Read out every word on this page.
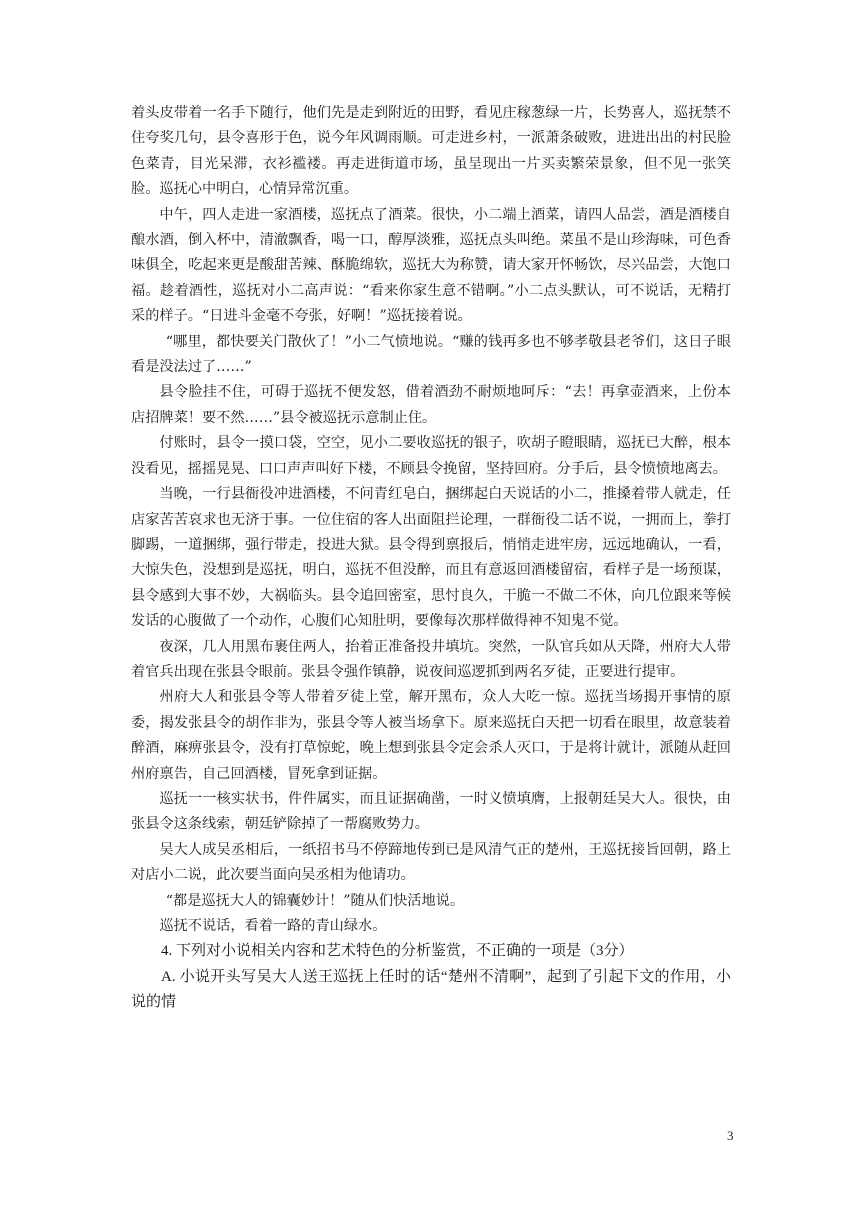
着头皮带着一名手下随行，他们先是走到附近的田野，看见庄稼葱绿一片，长势喜人，巡抚禁不住夸奖几句，县令喜形于色，说今年风调雨顺。可走进乡村，一派萧条破败，进进出出的村民脸色菜青，目光呆滞，衣衫褴褛。再走进街道市场，虽呈现出一片买卖繁荣景象，但不见一张笑脸。巡抚心中明白，心情异常沉重。

中午，四人走进一家酒楼，巡抚点了酒菜。很快，小二端上酒菜，请四人品尝，酒是酒楼自酿水酒，倒入杯中，清澈飘香，喝一口，醇厚淡雅，巡抚点头叫绝。菜虽不是山珍海味，可色香味俱全，吃起来更是酸甜苦辣、酥脆绵软，巡抚大为称赞，请大家开怀畅饮，尽兴品尝，大饱口福。趁着酒性，巡抚对小二高声说：“看来你家生意不错啊。”小二点头默认，可不说话，无精打采的样子。“日进斗金毫不夸张，好啊！”巡抚接着说。

“哪里，都快要关门散伙了！”小二气愤地说。“赚的钱再多也不够孝敬县老爷们，这日子眼看是没法过了……”

县令脸挂不住，可碍于巡抚不便发怒，借着酒劲不耐烦地呵斥：“去！再拿壶酒来，上份本店招牌菜！要不然……”县令被巡抚示意制止住。

付账时，县令一摸口袋，空空，见小二要收巡抚的银子，吹胡子瞪眼睛，巡抚已大醉，根本没看见，摇摇晃晃、口口声声叫好下楼，不顾县令挽留，坚持回府。分手后，县令愤愤地离去。

当晚，一行县衙役冲进酒楼，不问青红皂白，捆绑起白天说话的小二，推搡着带人就走，任店家苦苦哀求也无济于事。一位住宿的客人出面阻拦论理，一群衙役二话不说，一拥而上，拳打脚踢，一道捆绑，强行带走，投进大狱。县令得到禀报后，悄悄走进牢房，远远地确认，一看，大惊失色，没想到是巡抚，明白，巡抚不但没醉，而且有意返回酒楼留宿，看样子是一场预谋，县令感到大事不妙，大祸临头。县令追回密室，思忖良久，干脆一不做二不休，向几位跟来等候发话的心腹做了一个动作，心腹们心知肚明，要像每次那样做得神不知鬼不觉。

夜深，几人用黑布裹住两人，抬着正准备投井填坑。突然，一队官兵如从天降，州府大人带着官兵出现在张县令眼前。张县令强作镇静，说夜间巡逻抓到两名歹徒，正要进行提审。

州府大人和张县令等人带着歹徒上堂，解开黑布，众人大吃一惊。巡抚当场揭开事情的原委，揭发张县令的胡作非为，张县令等人被当场拿下。原来巡抚白天把一切看在眼里，故意装着醉酒，麻痹张县令，没有打草惊蛇，晚上想到张县令定会杀人灭口，于是将计就计，派随从赶回州府禀告，自己回酒楼，冒死拿到证据。

巡抚一一核实状书，件件属实，而且证据确凿，一时义愤填膺，上报朝廷吴大人。很快，由张县令这条线索，朝廷铲除掉了一帮腐败势力。

吴大人成吴丞相后，一纸招书马不停蹄地传到已是风清气正的楚州，王巡抚接旨回朝，路上对店小二说，此次要当面向吴丞相为他请功。

“都是巡抚大人的锦囊妙计！”随从们快活地说。

巡抚不说话，看着一路的青山绿水。

4. 下列对小说相关内容和艺术特色的分析鉴赏，不正确的一项是（3分）

A. 小说开头写吴大人送王巡抚上任时的话“楚州不清啊”，起到了引起下文的作用，小说的情

3
